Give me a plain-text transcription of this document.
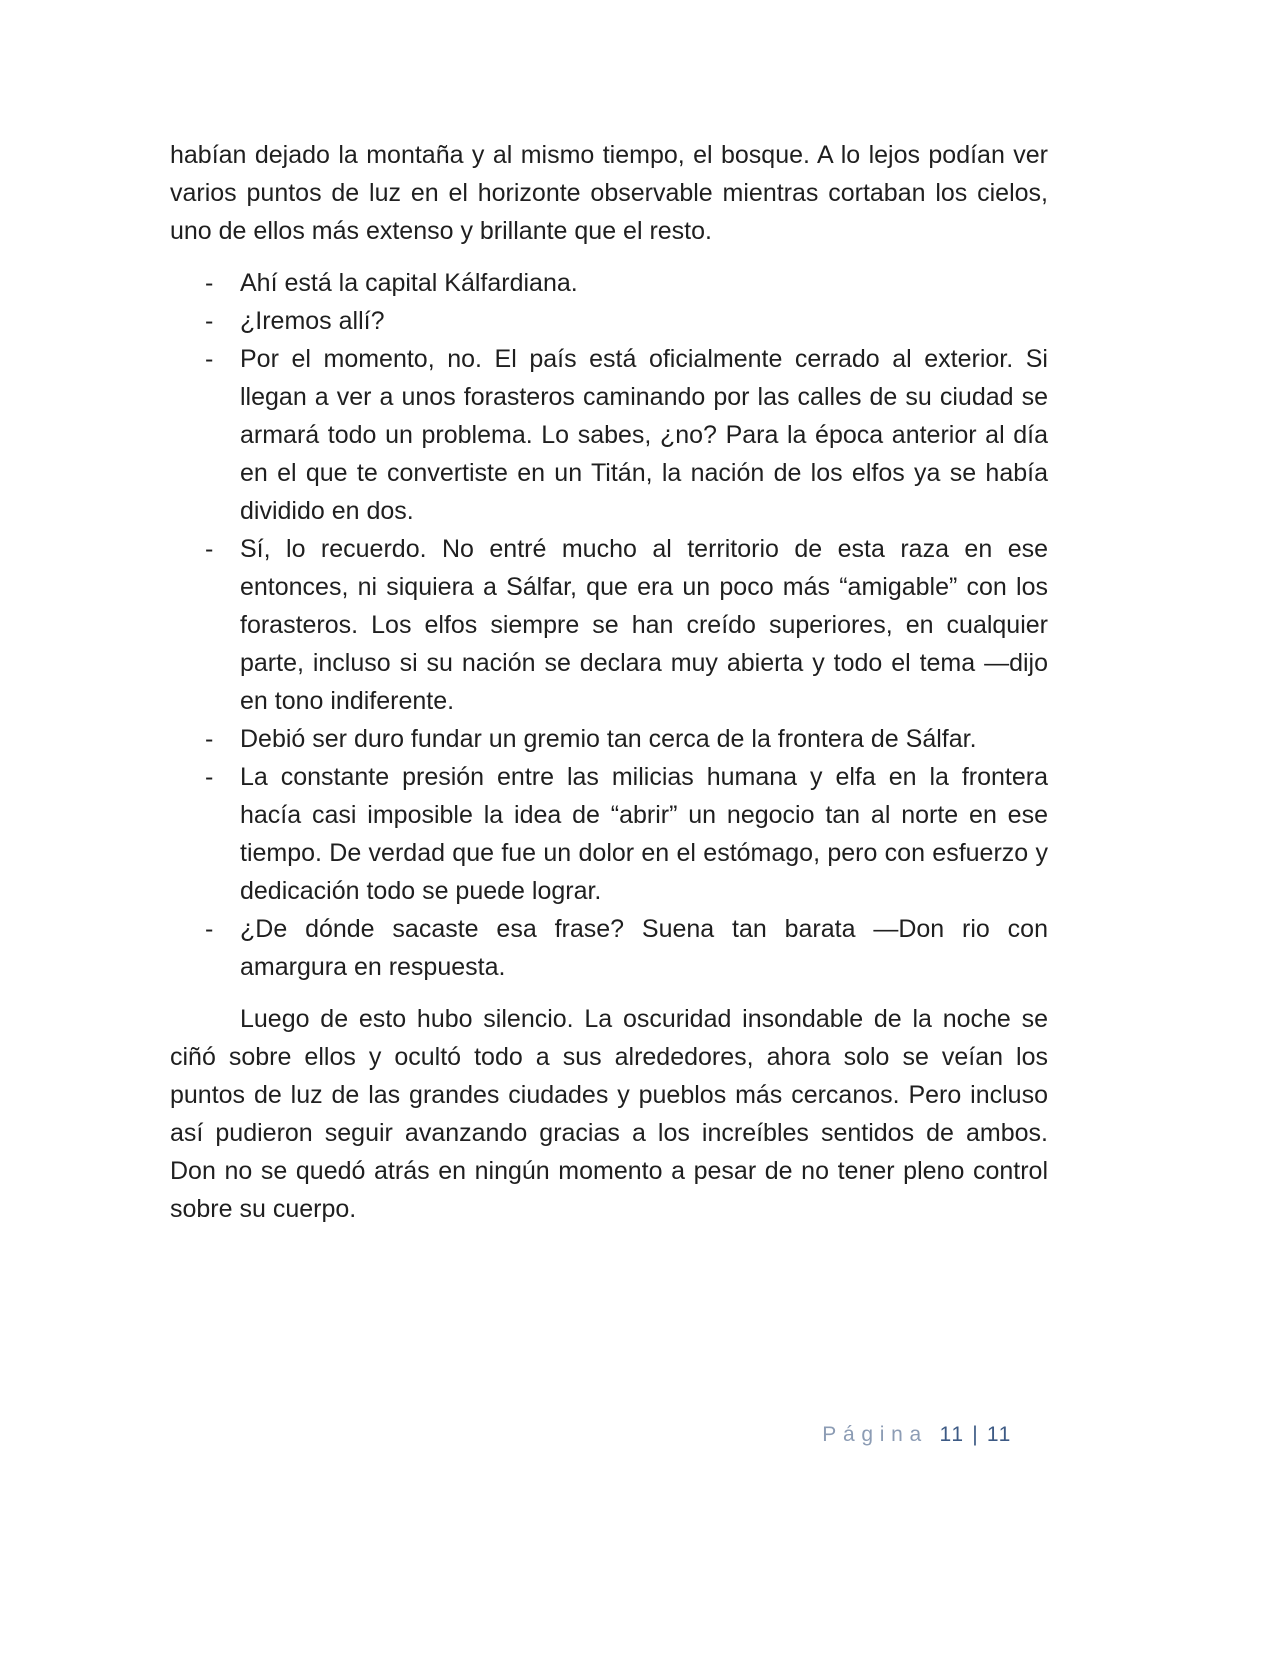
habían dejado la montaña y al mismo tiempo, el bosque. A lo lejos podían ver varios puntos de luz en el horizonte observable mientras cortaban los cielos, uno de ellos más extenso y brillante que el resto.

-	Ahí está la capital Kálfardiana.
-	¿Iremos allí?
-	Por el momento, no. El país está oficialmente cerrado al exterior. Si llegan a ver a unos forasteros caminando por las calles de su ciudad se armará todo un problema. Lo sabes, ¿no? Para la época anterior al día en el que te convertiste en un Titán, la nación de los elfos ya se había dividido en dos.
-	Sí, lo recuerdo. No entré mucho al territorio de esta raza en ese entonces, ni siquiera a Sálfar, que era un poco más “amigable” con los forasteros. Los elfos siempre se han creído superiores, en cualquier parte, incluso si su nación se declara muy abierta y todo el tema —dijo en tono indiferente.
-	Debió ser duro fundar un gremio tan cerca de la frontera de Sálfar.
-	La constante presión entre las milicias humana y elfa en la frontera hacía casi imposible la idea de “abrir” un negocio tan al norte en ese tiempo. De verdad que fue un dolor en el estómago, pero con esfuerzo y dedicación todo se puede lograr.
-	¿De dónde sacaste esa frase? Suena tan barata —Don rio con amargura en respuesta.

Luego de esto hubo silencio. La oscuridad insondable de la noche se ciñó sobre ellos y ocultó todo a sus alrededores, ahora solo se veían los puntos de luz de las grandes ciudades y pueblos más cercanos. Pero incluso así pudieron seguir avanzando gracias a los increíbles sentidos de ambos. Don no se quedó atrás en ningún momento a pesar de no tener pleno control sobre su cuerpo.

Página 11 | 11
